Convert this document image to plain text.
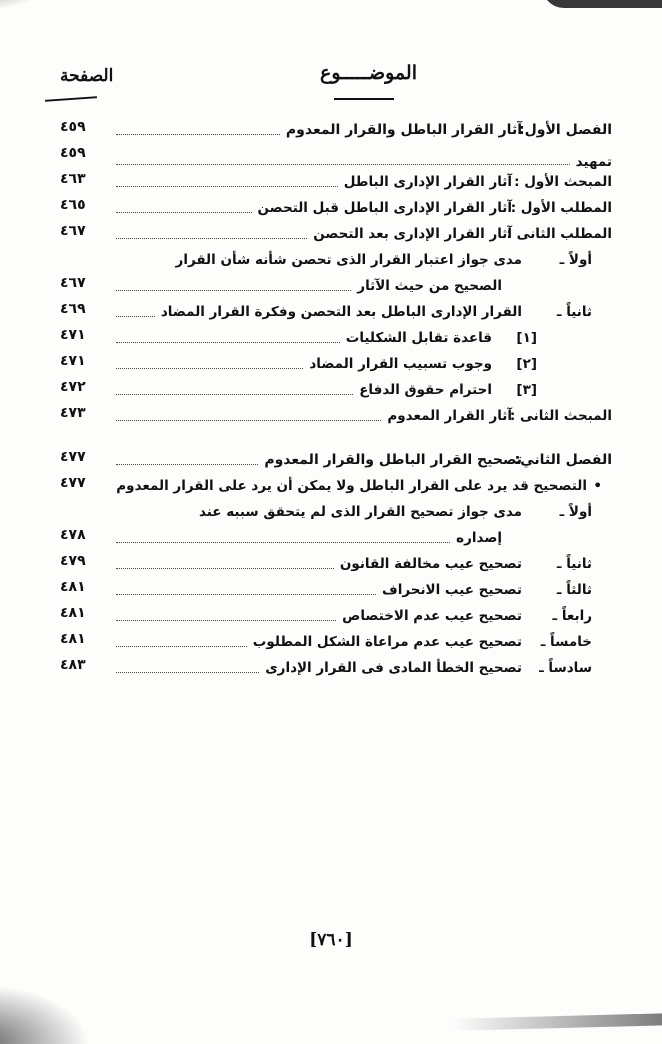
الموضـــــوع
الصفحة
الفصل الأول:
آثار القرار الباطل والقرار المعدوم
٤٥٩
تمهيد
٤٥٩
المبحث الأول :
آثار القرار الإدارى الباطل
٤٦٣
المطلب الأول :
آثار القرار الإدارى الباطل قبل التحصن
٤٦٥
المطلب الثانى :
آثار القرار الإدارى بعد التحصن
٤٦٧
أولاً ـ
مدى جواز اعتبار القرار الذى تحصن شأنه شأن القرار
الصحيح من حيث الآثار
٤٦٧
ثانياً ـ
القرار الإدارى الباطل بعد التحصن وفكرة القرار المضاد
٤٦٩
[١]
قاعدة تقابل الشكليات
٤٧١
[٢]
وجوب تسبيب القرار المضاد
٤٧١
[٣]
احترام حقوق الدفاع
٤٧٢
المبحث الثانى :
آثار القرار المعدوم
٤٧٣
الفصل الثاني:
تصحيح القرار الباطل والقرار المعدوم
٤٧٧
•
التصحيح قد يرد على القرار الباطل ولا يمكن أن يرد على القرار المعدوم
٤٧٧
أولاً ـ
مدى جواز تصحيح القرار الذى لم يتحقق سببه عند
إصداره
٤٧٨
ثانياً ـ
تصحيح عيب مخالفة القانون
٤٧٩
ثالثاً ـ
تصحيح عيب الانحراف
٤٨١
رابعاً ـ
تصحيح عيب عدم الاختصاص
٤٨١
خامساً ـ
تصحيح عيب عدم مراعاة الشكل المطلوب
٤٨١
سادساً ـ
تصحيح الخطأ المادى فى القرار الإدارى
٤٨٣
[٧٦٠]
